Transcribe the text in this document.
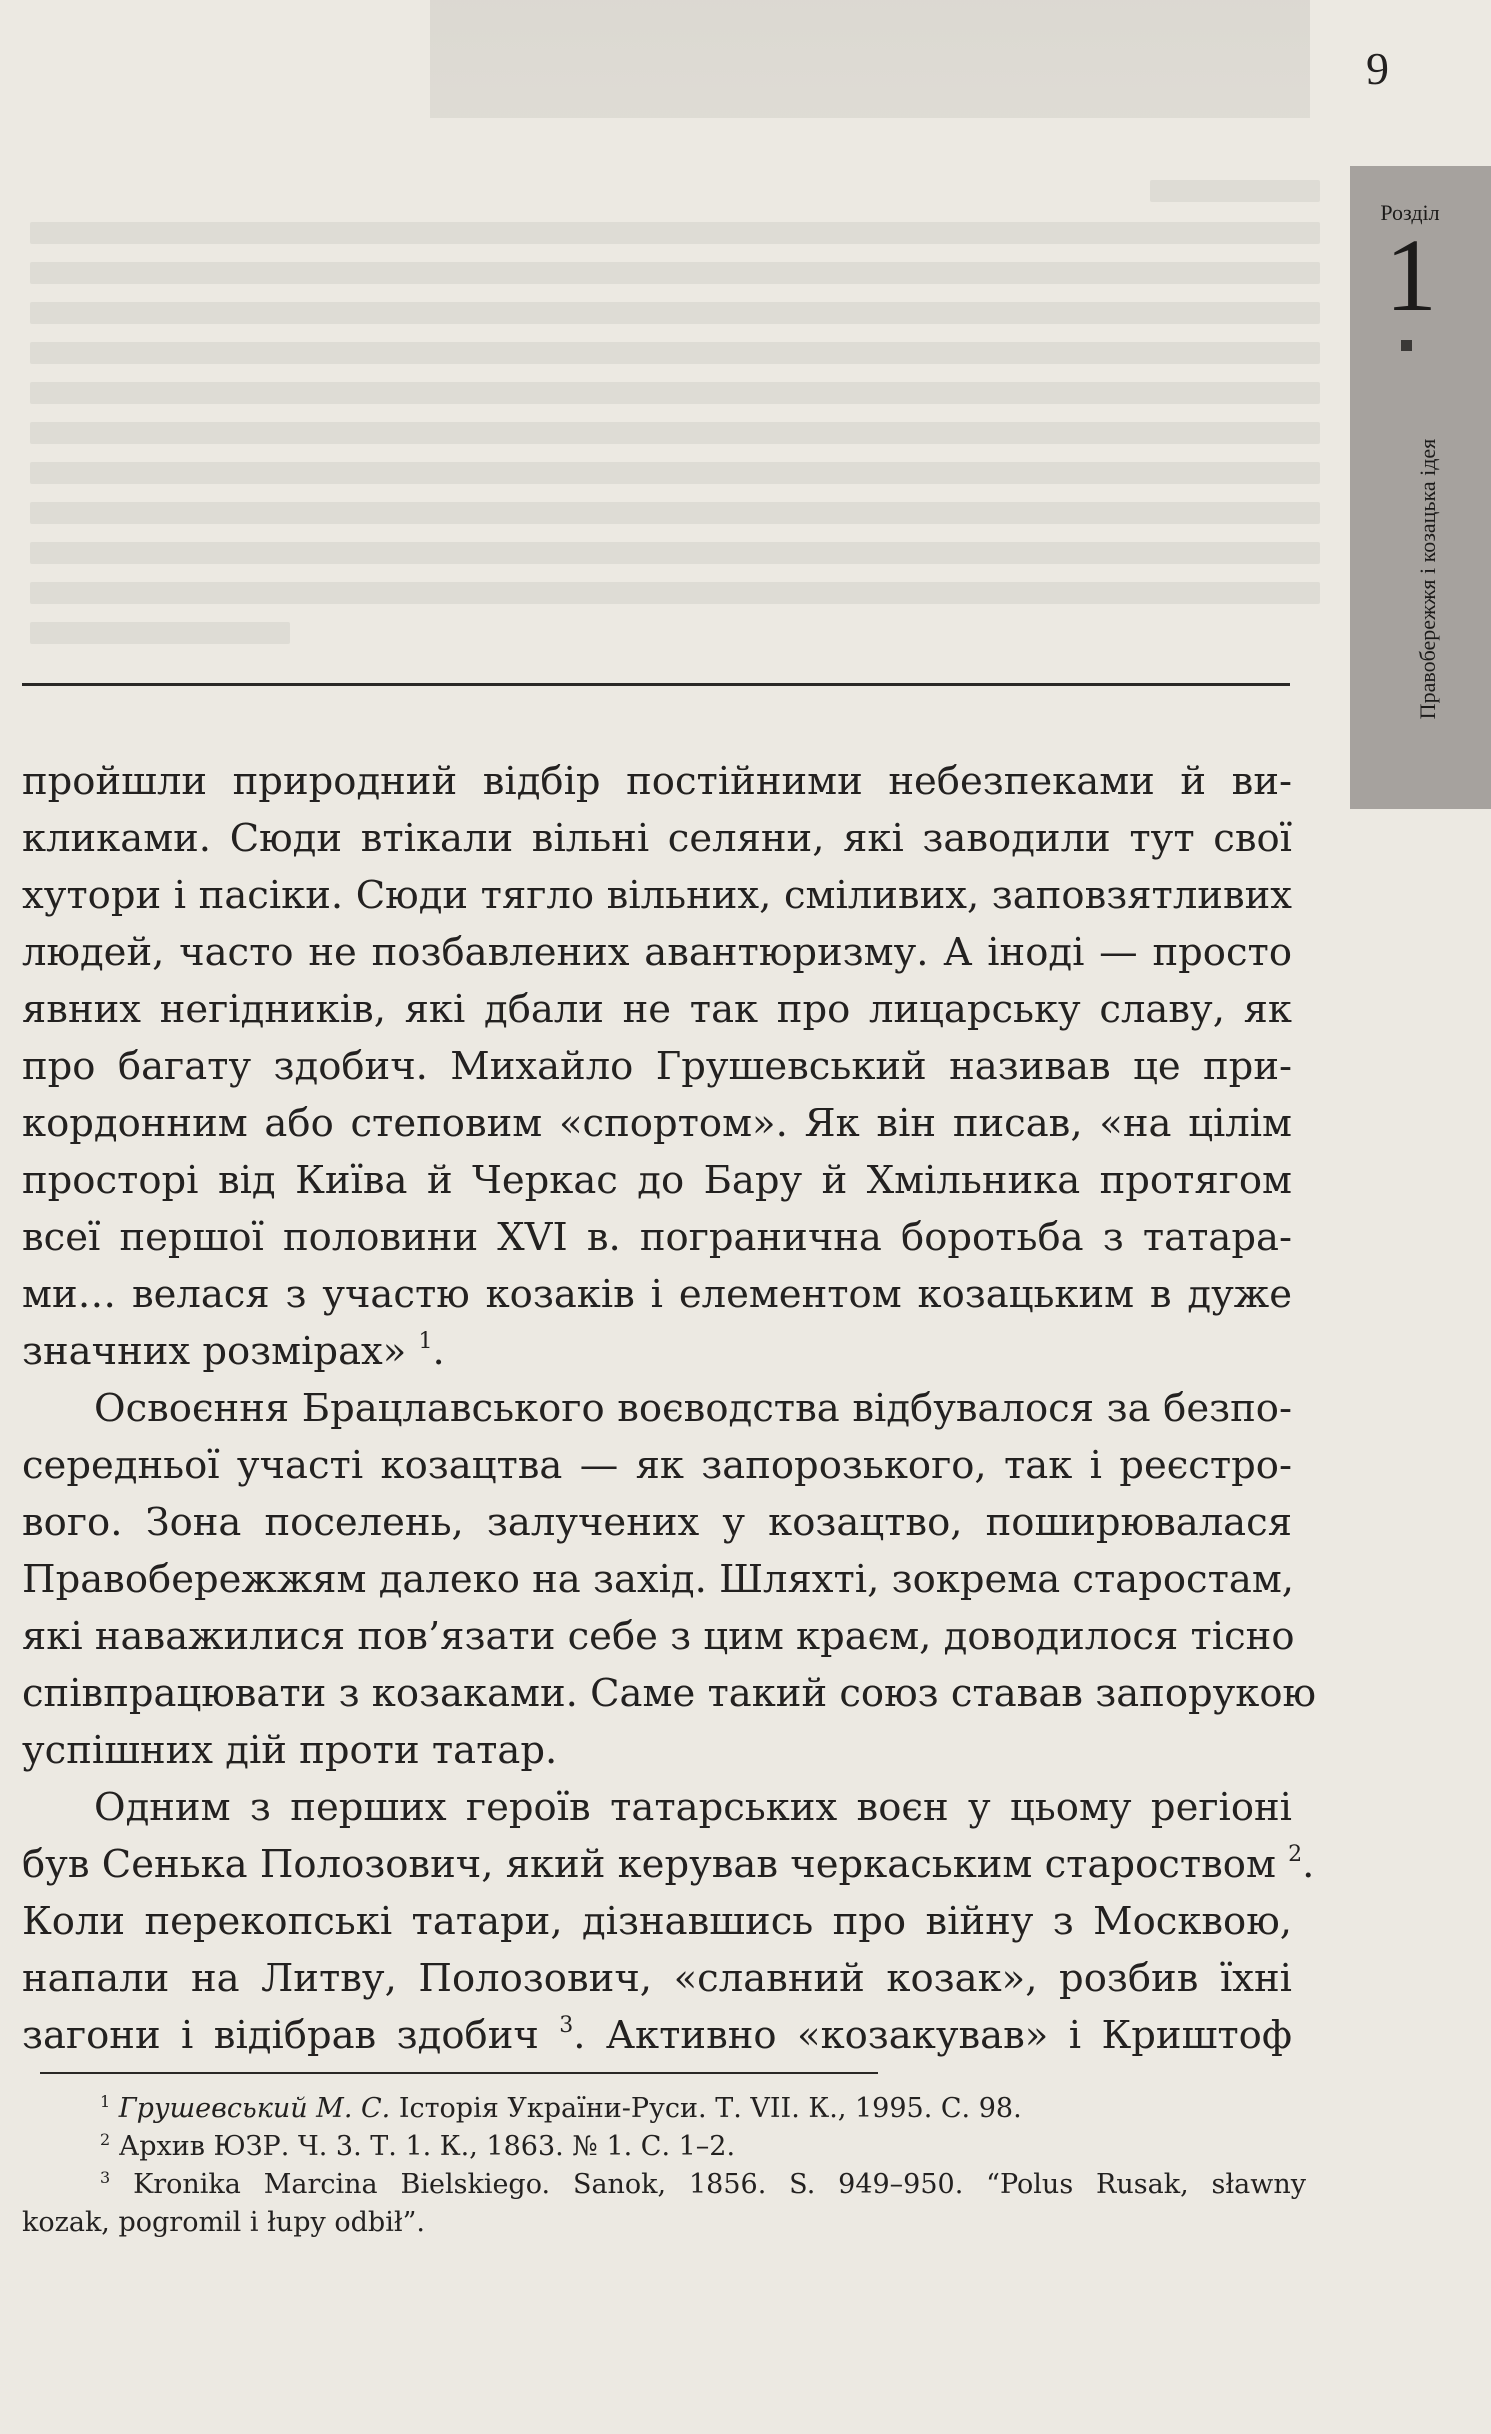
9
Розділ
1
Правобережжя і козацька ідея
пройшли природний відбір постійними небезпеками й ви-
кликами. Сюди втікали вільні селяни, які заводили тут свої
хутори і пасіки. Сюди тягло вільних, сміливих, заповзятливих
людей, часто не позбавлених авантюризму. А іноді — просто
явних негідників, які дбали не так про лицарську славу, як
про багату здобич. Михайло Грушевський називав це при-
кордонним або степовим «спортом». Як він писав, «на цілім
просторі від Київа й Черкас до Бару й Хмільника протягом
всеї першої половини XVI в. погранична боротьба з татара-
ми… велася з участю козаків і елементом козацьким в дуже
значних розмірах» $^1$.
Освоєння Брацлавського воєводства відбувалося за безпо-
середньої участі козацтва — як запорозького, так і реєстро-
вого. Зона поселень, залучених у козацтво, поширювалася
Правобережжям далеко на захід. Шляхті, зокрема старостам,
які наважилися пов’язати себе з цим краєм, доводилося тісно
співпрацювати з козаками. Саме такий союз ставав запорукою
успішних дій проти татар.
Одним з перших героїв татарських воєн у цьому регіоні
був Сенька Полозович, який керував черкаським староством $^2$.
Коли перекопські татари, дізнавшись про війну з Москвою,
напали на Литву, Полозович, «славний козак», розбив їхні
загони і відібрав здобич $^3$. Активно «козакував» і Криштоф
$^1$ Грушевський М. С. Історія України-Руси. Т. VII. К., 1995. С. 98.
$^2$ Архив ЮЗР. Ч. 3. Т. 1. К., 1863. № 1. С. 1–2.
$^3$ Kronika Marcina Bielskiego. Sanok, 1856. S. 949–950. “Polus Rusak, sławny
kozak, pogromil i łupy odbił”.
